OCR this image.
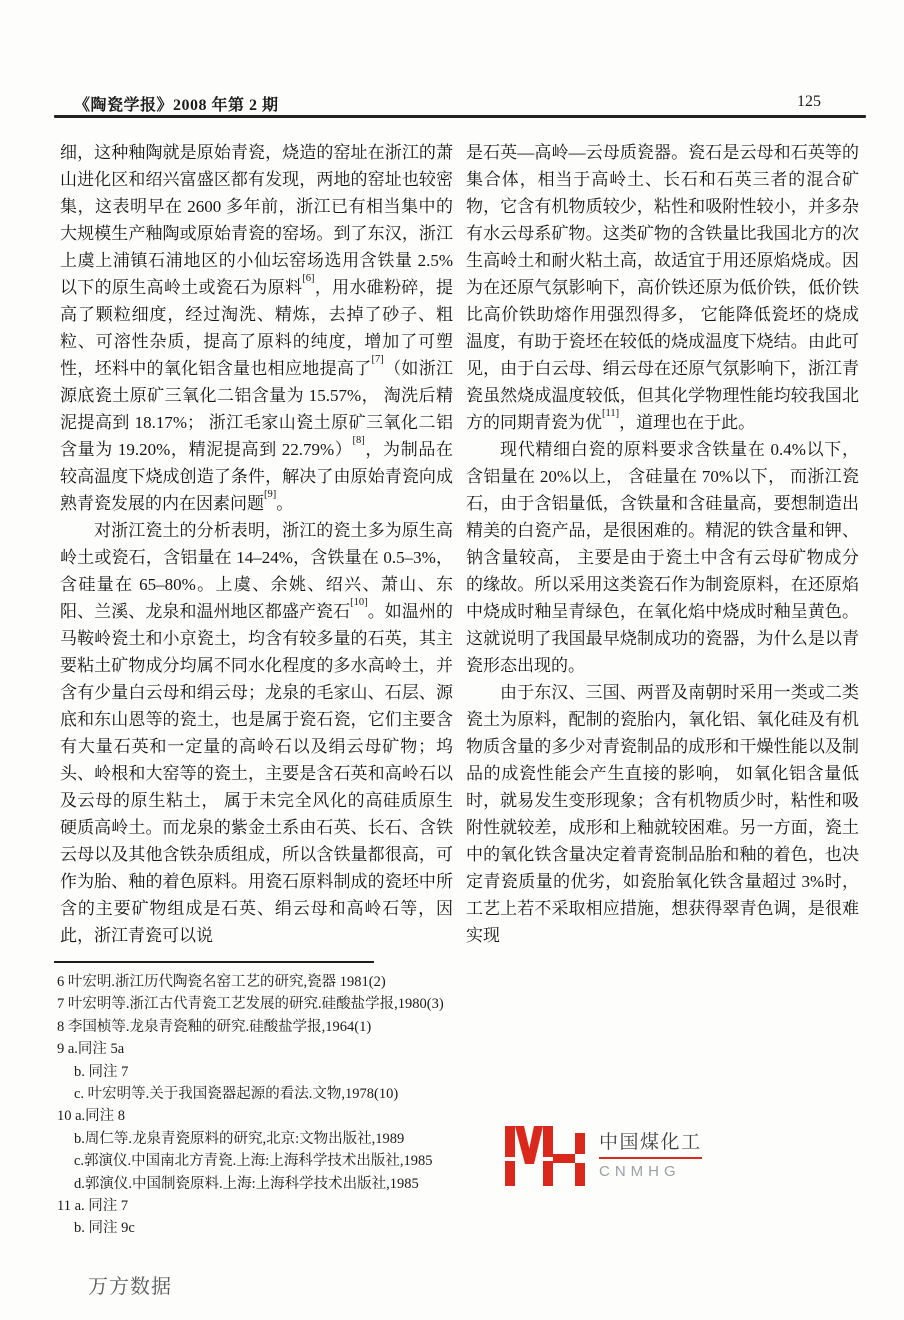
《陶瓷学报》2008 年第 2 期	125

细，这种釉陶就是原始青瓷，烧造的窑址在浙江的萧山进化区和绍兴富盛区都有发现，两地的窑址也较密集，这表明早在 2600 多年前，浙江已有相当集中的大规模生产釉陶或原始青瓷的窑场。到了东汉，浙江上虞上浦镇石浦地区的小仙坛窑场选用含铁量 2.5%以下的原生高岭土或瓷石为原料[6]，用水碓粉碎，提高了颗粒细度，经过淘洗、精炼，去掉了砂子、粗粒、可溶性杂质，提高了原料的纯度，增加了可塑性，坯料中的氧化铝含量也相应地提高了[7]（如浙江源底瓷土原矿三氧化二铝含量为 15.57%， 淘洗后精泥提高到 18.17%； 浙江毛家山瓷土原矿三氧化二铝含量为 19.20%，精泥提高到 22.79%）[8]，为制品在较高温度下烧成创造了条件，解决了由原始青瓷向成熟青瓷发展的内在因素问题[9]。

对浙江瓷土的分析表明，浙江的瓷土多为原生高岭土或瓷石，含铝量在 14–24%，含铁量在 0.5–3%，含硅量在 65–80%。上虞、余姚、绍兴、萧山、东阳、兰溪、龙泉和温州地区都盛产瓷石[10]。如温州的马鞍岭瓷土和小京瓷土，均含有较多量的石英，其主要粘土矿物成分均属不同水化程度的多水高岭土，并含有少量白云母和绢云母；龙泉的毛家山、石层、源底和东山恩等的瓷土，也是属于瓷石瓷，它们主要含有大量石英和一定量的高岭石以及绢云母矿物；坞头、岭根和大窑等的瓷土，主要是含石英和高岭石以及云母的原生粘土， 属于未完全风化的高硅质原生硬质高岭土。而龙泉的紫金土系由石英、长石、含铁云母以及其他含铁杂质组成，所以含铁量都很高，可作为胎、釉的着色原料。用瓷石原料制成的瓷坯中所含的主要矿物组成是石英、绢云母和高岭石等，因此，浙江青瓷可以说

是石英—高岭—云母质瓷器。瓷石是云母和石英等的集合体，相当于高岭土、长石和石英三者的混合矿物，它含有机物质较少，粘性和吸附性较小，并多杂有水云母系矿物。这类矿物的含铁量比我国北方的次生高岭土和耐火粘土高，故适宜于用还原焰烧成。因为在还原气氛影响下，高价铁还原为低价铁，低价铁比高价铁助熔作用强烈得多， 它能降低瓷坯的烧成温度，有助于瓷坯在较低的烧成温度下烧结。由此可见，由于白云母、绢云母在还原气氛影响下，浙江青瓷虽然烧成温度较低，但其化学物理性能均较我国北方的同期青瓷为优[11]，道理也在于此。

现代精细白瓷的原料要求含铁量在 0.4%以下，含铝量在 20%以上， 含硅量在 70%以下， 而浙江瓷石，由于含铝量低，含铁量和含硅量高，要想制造出精美的白瓷产品，是很困难的。精泥的铁含量和钾、钠含量较高， 主要是由于瓷土中含有云母矿物成分的缘故。所以采用这类瓷石作为制瓷原料，在还原焰中烧成时釉呈青绿色，在氧化焰中烧成时釉呈黄色。 这就说明了我国最早烧制成功的瓷器，为什么是以青瓷形态出现的。

由于东汉、三国、两晋及南朝时采用一类或二类瓷土为原料，配制的瓷胎内，氧化铝、氧化硅及有机物质含量的多少对青瓷制品的成形和干燥性能以及制品的成瓷性能会产生直接的影响， 如氧化铝含量低时，就易发生变形现象；含有机物质少时，粘性和吸附性就较差，成形和上釉就较困难。另一方面，瓷土中的氧化铁含量决定着青瓷制品胎和釉的着色，也决定青瓷质量的优劣，如瓷胎氧化铁含量超过 3%时，工艺上若不采取相应措施，想获得翠青色调，是很难实现

6 叶宏明.浙江历代陶瓷名窑工艺的研究,瓷器 1981(2)
7 叶宏明等.浙江古代青瓷工艺发展的研究.硅酸盐学报,1980(3)
8 李国桢等.龙泉青瓷釉的研究.硅酸盐学报,1964(1)
9 a.同注 5a
b. 同注 7
c. 叶宏明等.关于我国瓷器起源的看法.文物,1978(10)
10 a.同注 8
b.周仁等.龙泉青瓷原料的研究,北京:文物出版社,1989
c.郭演仪.中国南北方青瓷.上海:上海科学技术出版社,1985
d.郭演仪.中国制瓷原料.上海:上海科学技术出版社,1985
11 a. 同注 7
b. 同注 9c
中国煤化工
CNMHG
万方数据
